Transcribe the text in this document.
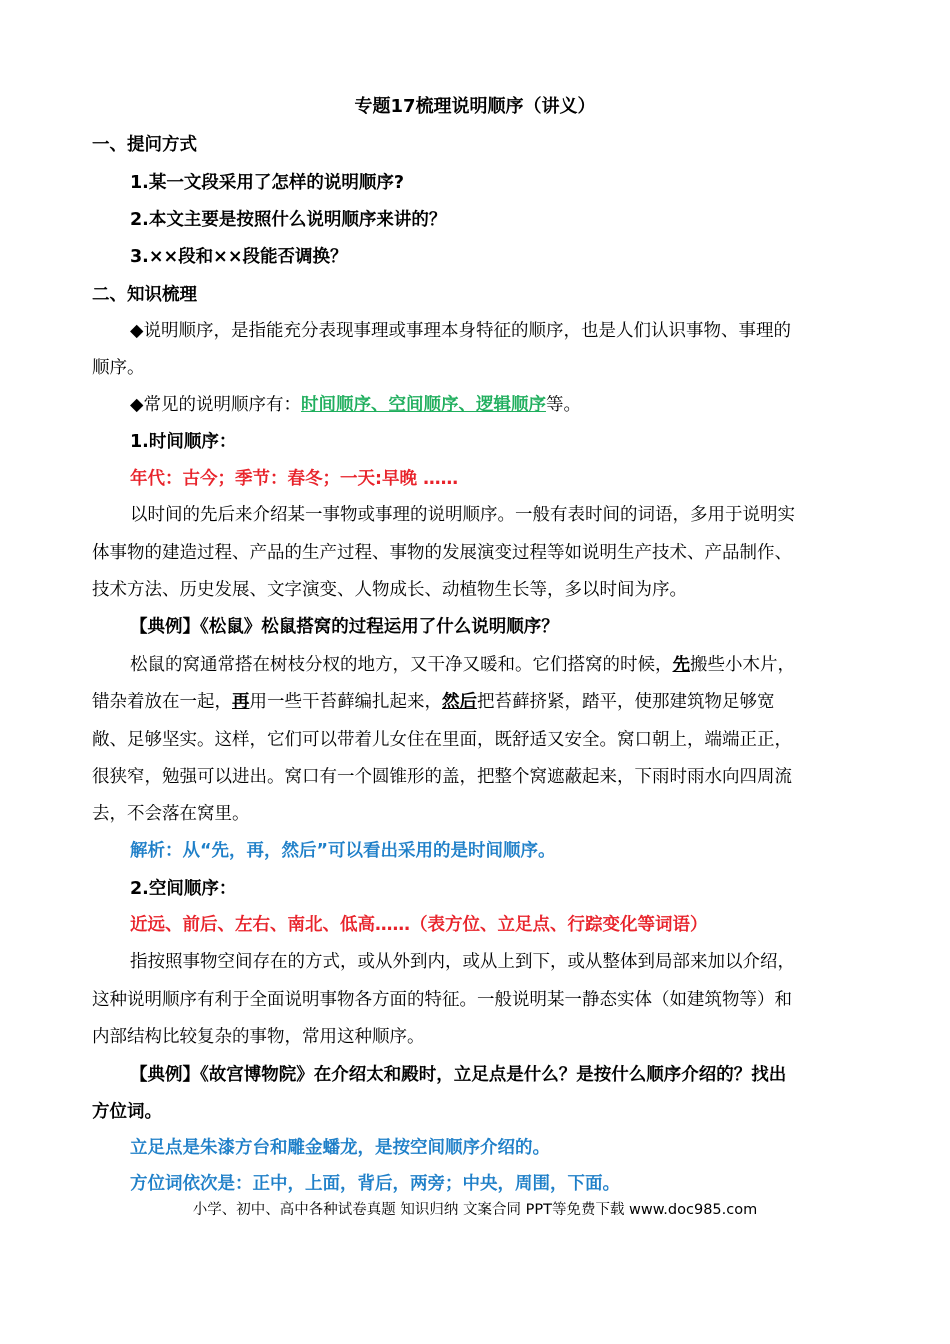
专题17梳理说明顺序（讲义）
一、提问方式
1.某一文段采用了怎样的说明顺序?
2.本文主要是按照什么说明顺序来讲的？
3.××段和××段能否调换？
二、知识梳理
◆说明顺序，是指能充分表现事理或事理本身特征的顺序，也是人们认识事物、事理的
顺序。
◆常见的说明顺序有：时间顺序、空间顺序、逻辑顺序等。
1.时间顺序：
年代：古今；季节：春冬；一天:早晚 ……
以时间的先后来介绍某一事物或事理的说明顺序。一般有表时间的词语，多用于说明实
体事物的建造过程、产品的生产过程、事物的发展演变过程等如说明生产技术、产品制作、
技术方法、历史发展、文字演变、人物成长、动植物生长等，多以时间为序。
【典例】《松鼠》松鼠搭窝的过程运用了什么说明顺序？
松鼠的窝通常搭在树枝分杈的地方，又干净又暖和。它们搭窝的时候，先搬些小木片，
错杂着放在一起，再用一些干苔藓编扎起来，然后把苔藓挤紧，踏平，使那建筑物足够宽
敞、足够坚实。这样，它们可以带着儿女住在里面，既舒适又安全。窝口朝上，端端正正，
很狭窄，勉强可以进出。窝口有一个圆锥形的盖，把整个窝遮蔽起来，下雨时雨水向四周流
去，不会落在窝里。
解析：从“先，再，然后”可以看出采用的是时间顺序。
2.空间顺序：
近远、前后、左右、南北、低高……（表方位、立足点、行踪变化等词语）
指按照事物空间存在的方式，或从外到内，或从上到下，或从整体到局部来加以介绍，
这种说明顺序有利于全面说明事物各方面的特征。一般说明某一静态实体（如建筑物等）和
内部结构比较复杂的事物，常用这种顺序。
【典例】《故宫博物院》在介绍太和殿时，立足点是什么？是按什么顺序介绍的？找出
方位词。
立足点是朱漆方台和雕金蟠龙，是按空间顺序介绍的。
方位词依次是：正中，上面，背后，两旁；中央，周围，下面。
小学、初中、高中各种试卷真题 知识归纳 文案合同 PPT等免费下载 www.doc985.com
